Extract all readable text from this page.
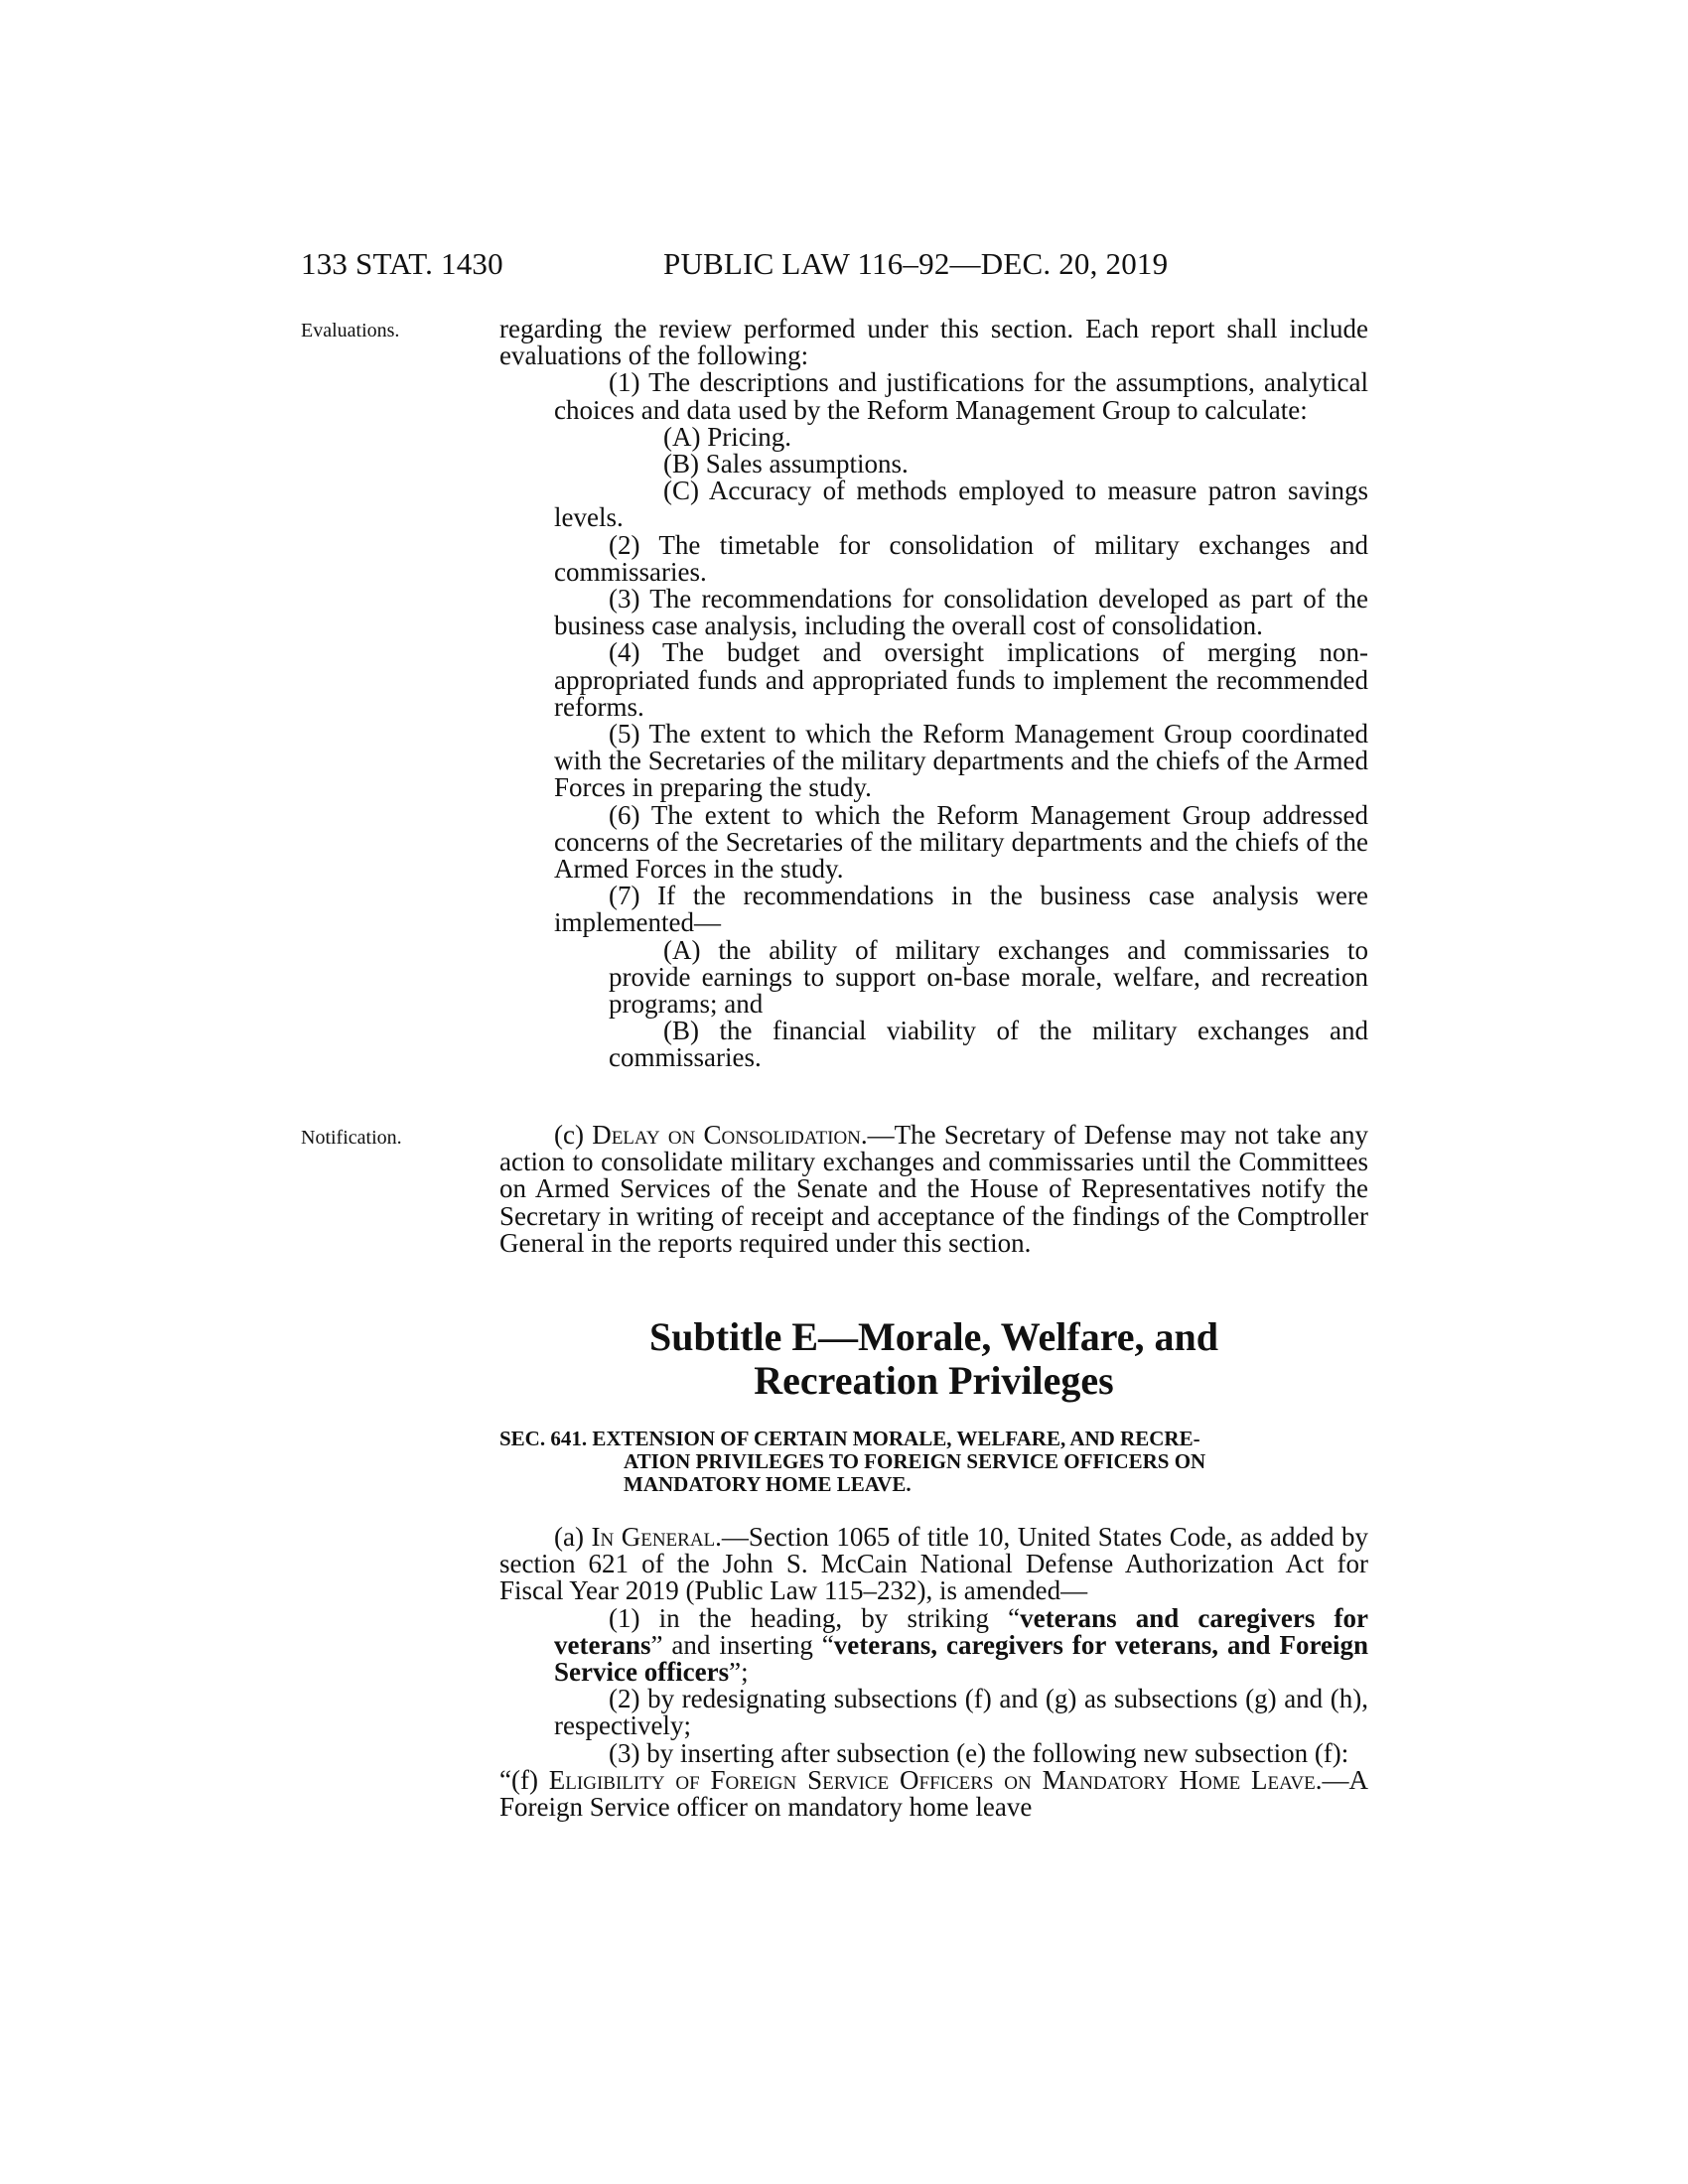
133 STAT. 1430	PUBLIC LAW 116–92—DEC. 20, 2019
Evaluations.
Notification.

regarding the review performed under this section. Each report shall include evaluations of the following:

(1) The descriptions and justifications for the assumptions, analytical choices and data used by the Reform Management Group to calculate:

(A) Pricing.

(B) Sales assumptions.

(C) Accuracy of methods employed to measure patron savings levels.

(2) The timetable for consolidation of military exchanges and commissaries.

(3) The recommendations for consolidation developed as part of the business case analysis, including the overall cost of consolidation.

(4) The budget and oversight implications of merging non-appropriated funds and appropriated funds to implement the recommended reforms.

(5) The extent to which the Reform Management Group coordinated with the Secretaries of the military departments and the chiefs of the Armed Forces in preparing the study.

(6) The extent to which the Reform Management Group addressed concerns of the Secretaries of the military departments and the chiefs of the Armed Forces in the study.

(7) If the recommendations in the business case analysis were implemented—

(A) the ability of military exchanges and commissaries to provide earnings to support on-base morale, welfare, and recreation programs; and

(B) the financial viability of the military exchanges and commissaries.

(c) Delay on Consolidation.—The Secretary of Defense may not take any action to consolidate military exchanges and commissaries until the Committees on Armed Services of the Senate and the House of Representatives notify the Secretary in writing of receipt and acceptance of the findings of the Comptroller General in the reports required under this section.

Subtitle E—Morale, Welfare, and
Recreation Privileges
SEC. 641. EXTENSION OF CERTAIN MORALE, WELFARE, AND RECRE-
ATION PRIVILEGES TO FOREIGN SERVICE OFFICERS ON
MANDATORY HOME LEAVE.

(a) In General.—Section 1065 of title 10, United States Code, as added by section 621 of the John S. McCain National Defense Authorization Act for Fiscal Year 2019 (Public Law 115–232), is amended—

(1) in the heading, by striking “veterans and caregivers for veterans” and inserting “veterans, caregivers for veterans, and Foreign Service officers”;

(2) by redesignating subsections (f) and (g) as subsections (g) and (h), respectively;

(3) by inserting after subsection (e) the following new subsection (f):

“(f) Eligibility of Foreign Service Officers on Mandatory Home Leave.—A Foreign Service officer on mandatory home leave
